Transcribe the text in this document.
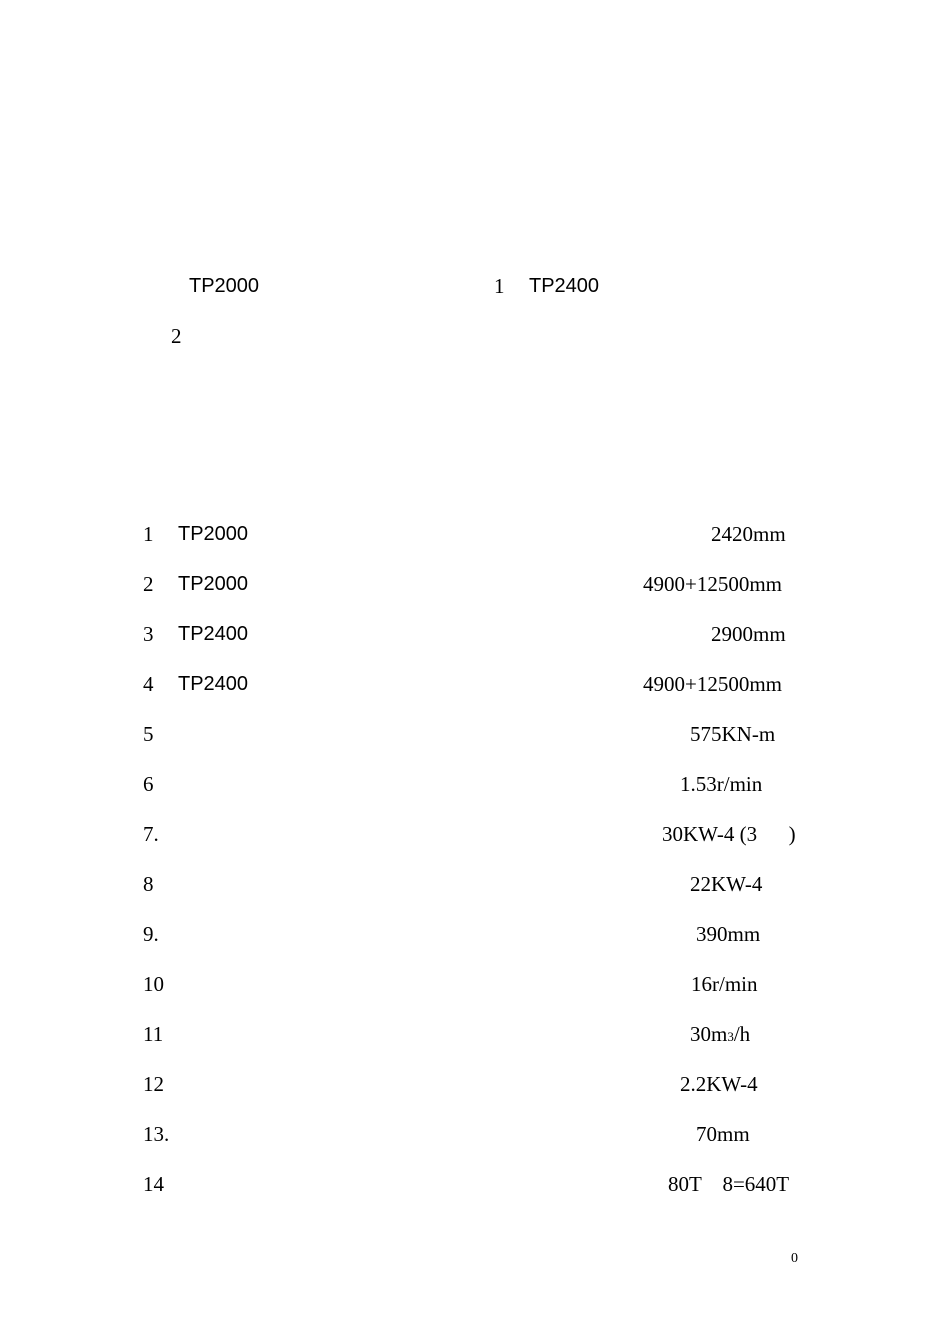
TP2000	1 TP2400
2
1 TP2000	2420mm
2 TP2000	4900+12500mm
3 TP2400	2900mm
4 TP2400	4900+12500mm
5	575KN-m
6	1.53r/min
7.	30KW-4 (3      )
8	22KW-4
9.	390mm
10	16r/min
11	30m3/h
12	2.2KW-4
13.	70mm
14	80T    8=640T
0
